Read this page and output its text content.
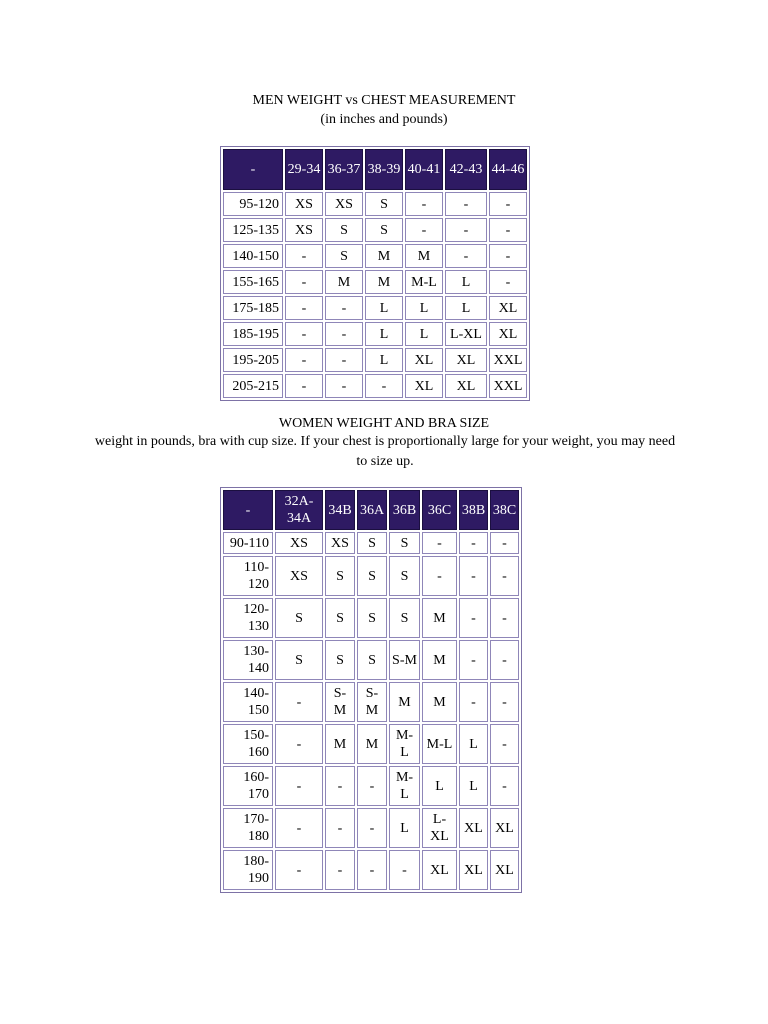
MEN WEIGHT vs CHEST MEASUREMENT
(in inches and pounds)
-	29-34	36-37	38-39	40-41	42-43	44-46
95-120	XS	XS	S	-	-	-
125-135	XS	S	S	-	-	-
140-150	-	S	M	M	-	-
155-165	-	M	M	M-L	L	-
175-185	-	-	L	L	L	XL
185-195	-	-	L	L	L-XL	XL
195-205	-	-	L	XL	XL	XXL
205-215	-	-	-	XL	XL	XXL
WOMEN WEIGHT AND BRA SIZE
weight in pounds, bra with cup size. If your chest is proportionally large for your weight, you may need to size up.
-	32A-34A	34B	36A	36B	36C	38B	38C
90-110	XS	XS	S	S	-	-	-
110-120	XS	S	S	S	-	-	-
120-130	S	S	S	S	M	-	-
130-140	S	S	S	S-M	M	-	-
140-150	-	S-M	S-M	M	M	-	-
150-160	-	M	M	M-L	M-L	L	-
160-170	-	-	-	M-L	L	L	-
170-180	-	-	-	L	L-XL	XL	XL
180-190	-	-	-	-	XL	XL	XL
